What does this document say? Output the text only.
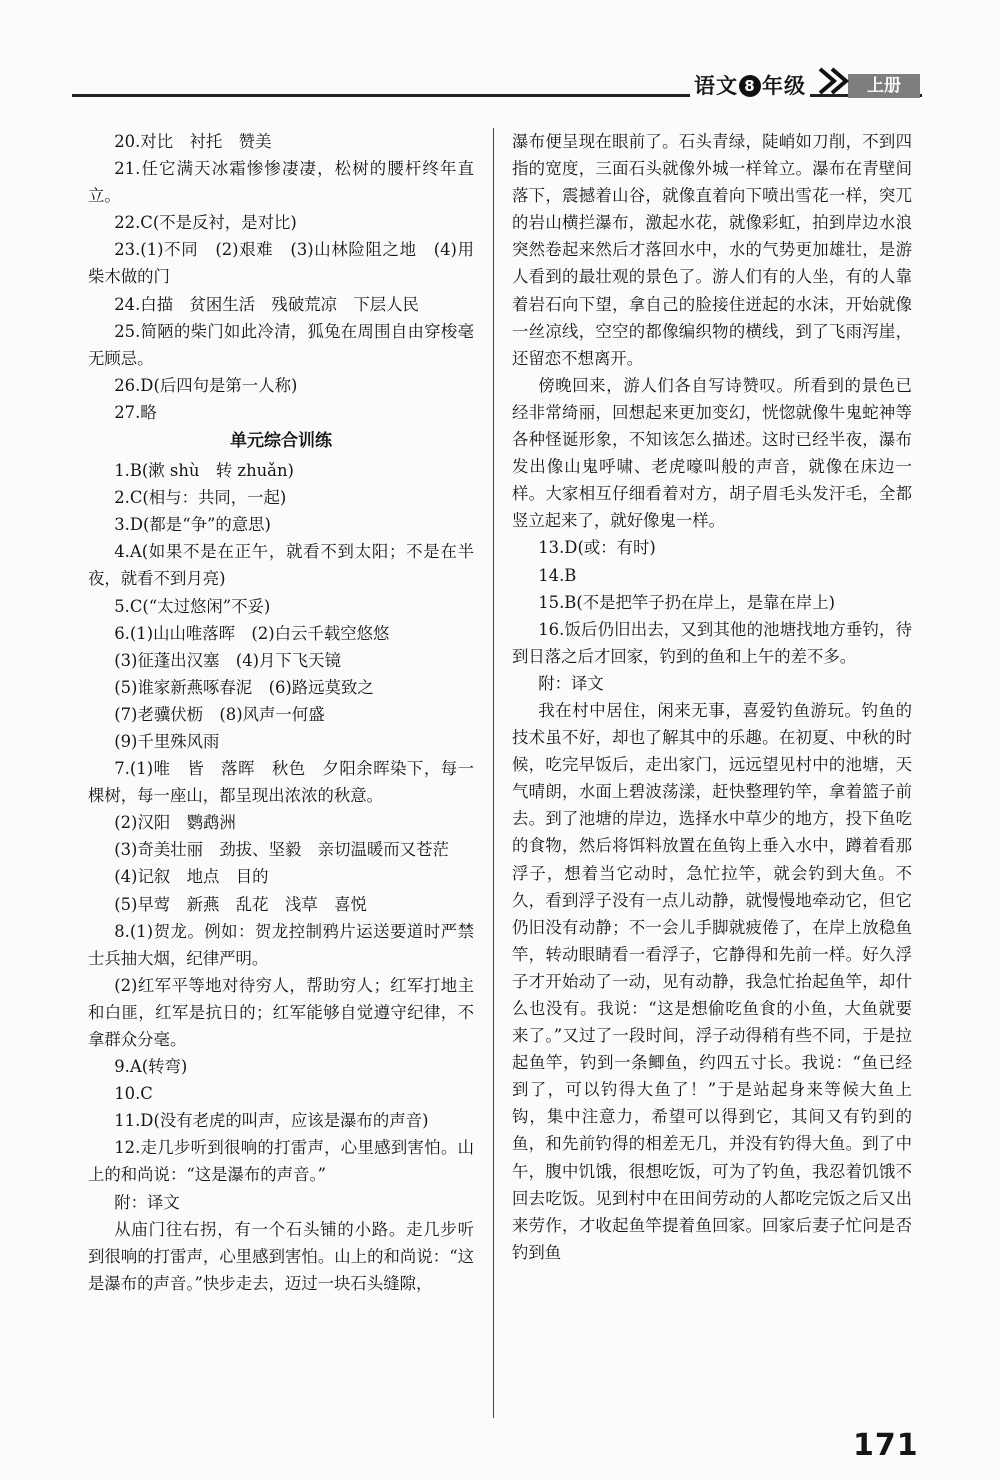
语文 8 年级	上册

20.对比　衬托　赞美

21.任它满天冰霜惨惨凄凄，松树的腰杆终年直立。

22.C(不是反衬，是对比)

23.(1)不同　(2)艰难　(3)山林险阻之地　(4)用柴木做的门

24.白描　贫困生活　残破荒凉　下层人民

25.简陋的柴门如此冷清，狐兔在周围自由穿梭毫无顾忌。

26.D(后四句是第一人称)

27.略

单元综合训练

1.B(漱 shù　转 zhuǎn)

2.C(相与：共同，一起)

3.D(都是“争”的意思)

4.A(如果不是在正午，就看不到太阳；不是在半夜，就看不到月亮)

5.C(“太过悠闲”不妥)

6.(1)山山唯落晖　(2)白云千载空悠悠

(3)征蓬出汉塞　(4)月下飞天镜

(5)谁家新燕啄春泥　(6)路远莫致之

(7)老骥伏枥　(8)风声一何盛

(9)千里殊风雨

7.(1)唯　皆　落晖　秋色　夕阳余晖染下，每一棵树，每一座山，都呈现出浓浓的秋意。

(2)汉阳　鹦鹉洲

(3)奇美壮丽　劲拔、坚毅　亲切温暖而又苍茫

(4)记叙　地点　目的

(5)早莺　新燕　乱花　浅草　喜悦

8.(1)贺龙。例如：贺龙控制鸦片运送要道时严禁士兵抽大烟，纪律严明。

(2)红军平等地对待穷人，帮助穷人；红军打地主和白匪，红军是抗日的；红军能够自觉遵守纪律，不拿群众分毫。

9.A(转弯)

10.C

11.D(没有老虎的叫声，应该是瀑布的声音)

12.走几步听到很响的打雷声，心里感到害怕。山上的和尚说：“这是瀑布的声音。”

附：译文

从庙门往右拐，有一个石头铺的小路。走几步听到很响的打雷声，心里感到害怕。山上的和尚说：“这是瀑布的声音。”快步走去，迈过一块石头缝隙，

瀑布便呈现在眼前了。石头青绿，陡峭如刀削，不到四指的宽度，三面石头就像外城一样耸立。瀑布在青壁间落下，震撼着山谷，就像直着向下喷出雪花一样，突兀的岩山横拦瀑布，激起水花，就像彩虹，拍到岸边水浪突然卷起来然后才落回水中，水的气势更加雄壮，是游人看到的最壮观的景色了。游人们有的人坐，有的人靠着岩石向下望，拿自己的脸接住迸起的水沫，开始就像一丝凉线，空空的都像编织物的横线，到了飞雨泻崖，还留恋不想离开。

傍晚回来，游人们各自写诗赞叹。所看到的景色已经非常绮丽，回想起来更加变幻，恍惚就像牛鬼蛇神等各种怪诞形象，不知该怎么描述。这时已经半夜，瀑布发出像山鬼呼啸、老虎嚎叫般的声音，就像在床边一样。大家相互仔细看着对方，胡子眉毛头发汗毛，全都竖立起来了，就好像鬼一样。

13.D(或：有时)

14.B

15.B(不是把竿子扔在岸上，是靠在岸上)

16.饭后仍旧出去，又到其他的池塘找地方垂钓，待到日落之后才回家，钓到的鱼和上午的差不多。

附：译文

我在村中居住，闲来无事，喜爱钓鱼游玩。钓鱼的技术虽不好，却也了解其中的乐趣。在初夏、中秋的时候，吃完早饭后，走出家门，远远望见村中的池塘，天气晴朗，水面上碧波荡漾，赶快整理钓竿，拿着篮子前去。到了池塘的岸边，选择水中草少的地方，投下鱼吃的食物，然后将饵料放置在鱼钩上垂入水中，蹲着看那浮子，想着当它动时，急忙拉竿，就会钓到大鱼。不久，看到浮子没有一点儿动静，就慢慢地牵动它，但它仍旧没有动静；不一会儿手脚就疲倦了，在岸上放稳鱼竿，转动眼睛看一看浮子，它静得和先前一样。好久浮子才开始动了一动，见有动静，我急忙抬起鱼竿，却什么也没有。我说：“这是想偷吃鱼食的小鱼，大鱼就要来了。”又过了一段时间，浮子动得稍有些不同，于是拉起鱼竿，钓到一条鲫鱼，约四五寸长。我说：“鱼已经到了，可以钓得大鱼了！”于是站起身来等候大鱼上钩，集中注意力，希望可以得到它，其间又有钓到的鱼，和先前钓得的相差无几，并没有钓得大鱼。到了中午，腹中饥饿，很想吃饭，可为了钓鱼，我忍着饥饿不回去吃饭。见到村中在田间劳动的人都吃完饭之后又出来劳作，才收起鱼竿提着鱼回家。回家后妻子忙问是否钓到鱼

171
